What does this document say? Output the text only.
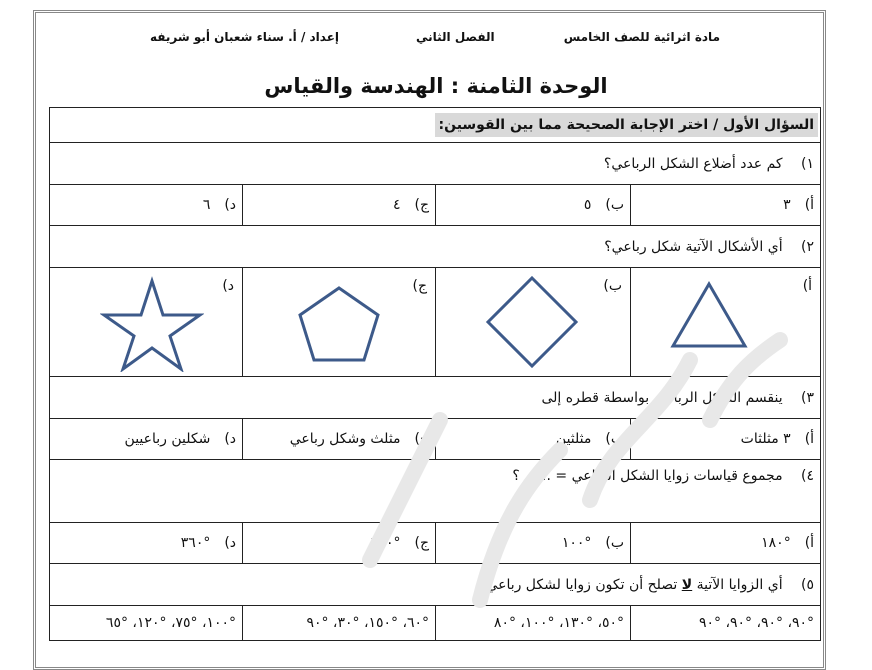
مادة اثرائية للصف الخامس
الفصل الثاني
إعداد / أ. سناء شعبان أبو شريفه
الوحدة الثامنة : الهندسة والقياس
السؤال الأول / اختر الإجابة الصحيحة مما بين القوسين:			
١) كم عدد أضلاع الشكل الرباعي؟			
أ)٣	ب)٥	ج)٤	د)٦
٢) أي الأشكال الآتية شكل رباعي؟			

أ)	ب)	ج)	د)

٣) ينقسم الشكل الرباعي بواسطة قطره إلى			
أ)٣ مثلثات	ب)مثلثين	ج)مثلث وشكل رباعي	د)شكلين رباعيين
٤) مجموع قياسات زوايا الشكل الرباعي = ...... ؟			
أ)°١٨٠	ب)°١٠٠	ج)°٦٣٠	د)°٣٦٠
٥) أي الزوايا الآتية لا تصلح أن تكون زوايا لشكل رباعي؟			
°٩٠، °٩٠، °٩٠، °٩٠	°٥٠، °١٣٠، °١٠٠، °٨٠	°٦٠، °١٥٠، °٣٠، °٩٠	°١٠٠، °٧٥، °١٢٠، °٦٥
